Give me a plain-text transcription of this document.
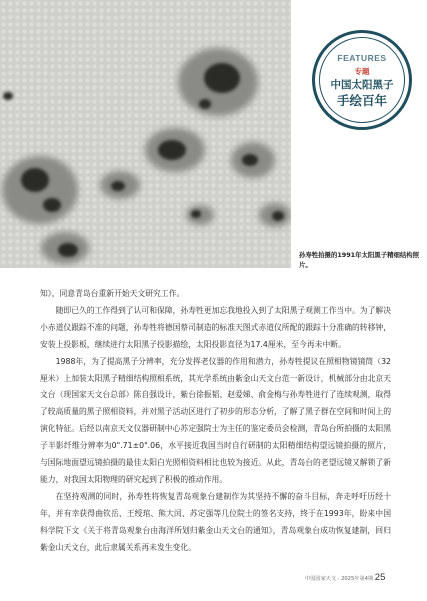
FEATURES
专题
中国太阳黑子
手绘百年
孙寿牲拍摄的1991年太阳黑子精细结构照片。

知》，同意青岛台重新开始天文研究工作。

随即已久的工作得到了认可和保障，孙寿牲更加忘我地投入到了太阳黑子观测工作当中。为了解决小赤道仪跟踪不准的问题，孙寿牲将德国蔡司制造的标准天图式赤道仪所配的跟踪十分准确的转移钟，安装上投影板，继续进行太阳黑子投影描绘，太阳投影直径为17.4厘米，至今再未中断。

1988年，为了提高黑子分辨率，充分发挥老仪器的作用和潜力，孙寿牲提议在照相物镜镜筒（32厘米）上加装太阳黑子精细结构照相系统，其光学系统由紫金山天文台范一新设计，机械部分由北京天文台（现国家天文台总部）陈自强设计，紫台徐振韬、赵爱娣、俞金梅与孙寿牲进行了连续观测，取得了较高质量的黑子照相资料，并对黑子活动区进行了初步的形态分析，了解了黑子群在空间和时间上的演化特征。后经以南京天文仪器研制中心苏定强院士为主任的鉴定委员会检测，青岛台所拍摄的太阳黑子半影纤维分辨率为0".71±0".06，水平接近我国当时自行研制的太阳精细结构望远镜拍摄的照片，与国际地面望远镜拍摄的最佳太阳白光照相资料相比也较为接近。从此，青岛台的老望远镜又解锁了新能力，对我国太阳物理的研究起到了积极的推动作用。

在坚持观测的同时，孙寿牲将恢复青岛观象台建制作为其坚持不懈的奋斗目标，奔走呼吁历经十年，并有幸获得曲钦岳、王绶琯、熊大闰、苏定强等几位院士的签名支持，终于在1993年，盼来中国科学院下文《关于将青岛观象台由海洋所划归紫金山天文台的通知》，青岛观象台成功恢复建制，回归紫金山天文台，此后隶属关系再未发生变化。

中国国家天文 · 2025年第4期 25
